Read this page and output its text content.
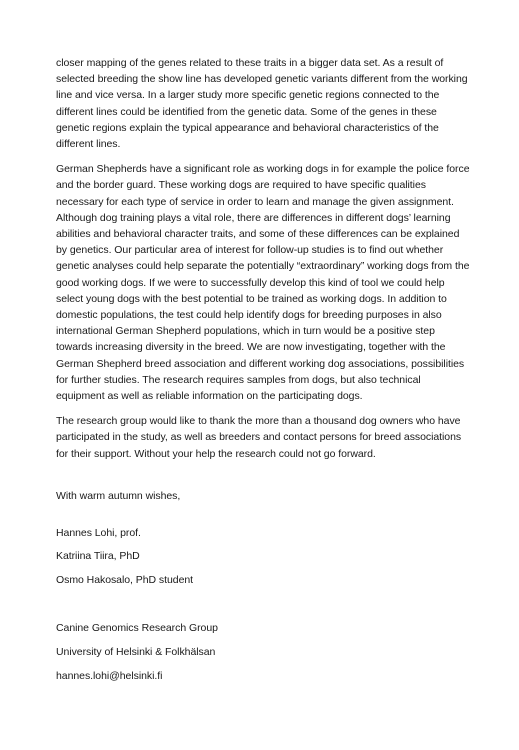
closer mapping of the genes related to these traits in a bigger data set. As a result of selected breeding the show line has developed genetic variants different from the working line and vice versa. In a larger study more specific genetic regions connected to the different lines could be identified from the genetic data. Some of the genes in these genetic regions explain the typical appearance and behavioral characteristics of the different lines.

German Shepherds have a significant role as working dogs in for example the police force and the border guard. These working dogs are required to have specific qualities necessary for each type of service in order to learn and manage the given assignment. Although dog training plays a vital role, there are differences in different dogs’ learning abilities and behavioral character traits, and some of these differences can be explained by genetics. Our particular area of interest for follow-up studies is to find out whether genetic analyses could help separate the potentially “extraordinary” working dogs from the good working dogs. If we were to successfully develop this kind of tool we could help select young dogs with the best potential to be trained as working dogs. In addition to domestic populations, the test could help identify dogs for breeding purposes in also international German Shepherd populations, which in turn would be a positive step towards increasing diversity in the breed. We are now investigating, together with the German Shepherd breed association and different working dog associations, possibilities for further studies. The research requires samples from dogs, but also technical equipment as well as reliable information on the participating dogs.

The research group would like to thank the more than a thousand dog owners who have participated in the study, as well as breeders and contact persons for breed associations for their support. Without your help the research could not go forward.

With warm autumn wishes,

Hannes Lohi, prof.

Katriina Tiira, PhD

Osmo Hakosalo, PhD student

Canine Genomics Research Group

University of Helsinki & Folkhälsan

hannes.lohi@helsinki.fi
